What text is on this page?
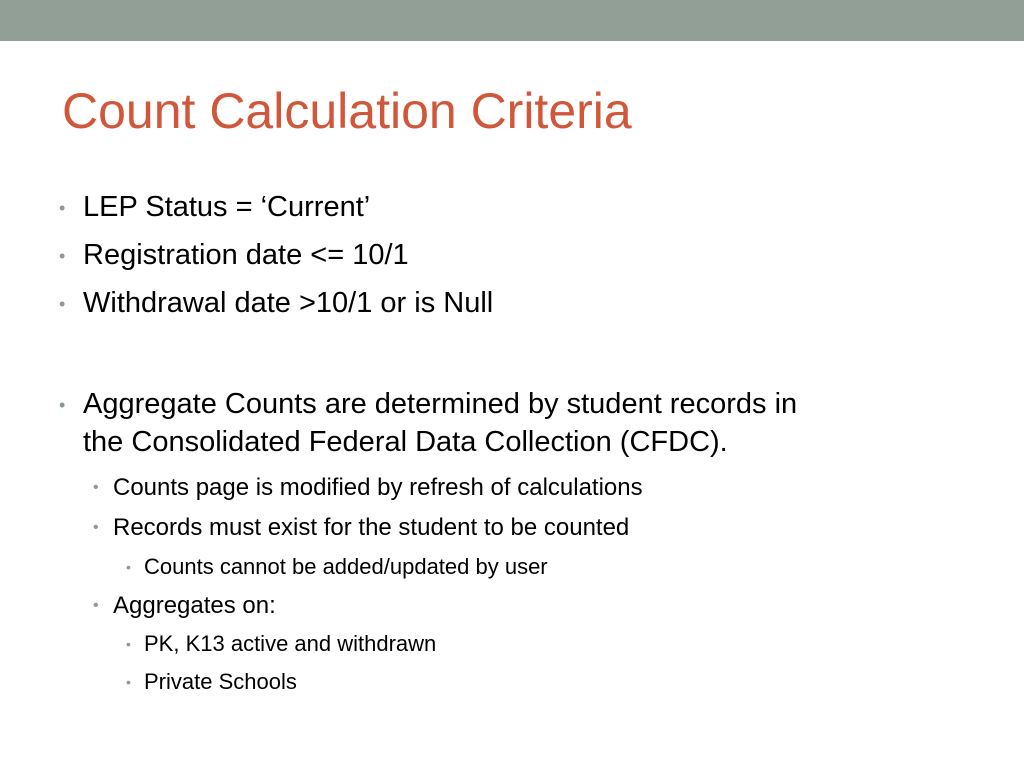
Count Calculation Criteria
• LEP Status = ‘Current’
• Registration date <= 10/1
• Withdrawal date >10/1 or is Null
• Aggregate Counts are determined by student records in
the Consolidated Federal Data Collection (CFDC).
• Counts page is modified by refresh of calculations
• Records must exist for the student to be counted
• Counts cannot be added/updated by user
• Aggregates on:
• PK, K13 active and withdrawn
• Private Schools
